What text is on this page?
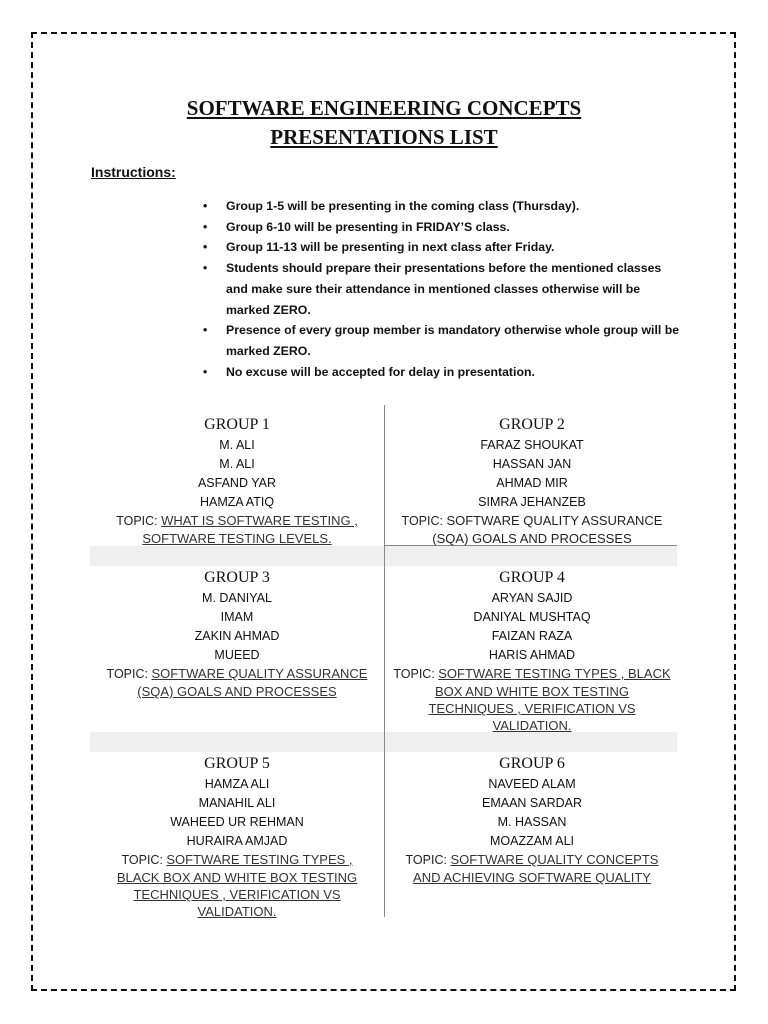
SOFTWARE ENGINEERING CONCEPTS
PRESENTATIONS LIST
Instructions:
• Group 1-5 will be presenting in the coming class (Thursday).
• Group 6-10 will be presenting in FRIDAY’S class.
• Group 11-13 will be presenting in next class after Friday.
• Students should prepare their presentations before the mentioned classes and make sure their attendance in mentioned classes otherwise will be marked ZERO.
• Presence of every group member is mandatory otherwise whole group will be marked ZERO.
• No excuse will be accepted for delay in presentation.
GROUP 1
M. ALI
M. ALI
ASFAND YAR
HAMZA ATIQ
TOPIC: WHAT IS SOFTWARE TESTING , SOFTWARE TESTING LEVELS.
GROUP 2
FARAZ SHOUKAT
HASSAN JAN
AHMAD MIR
SIMRA JEHANZEB
TOPIC: SOFTWARE QUALITY ASSURANCE (SQA) GOALS AND PROCESSES
GROUP 3
M. DANIYAL
IMAM
ZAKIN AHMAD
MUEED
TOPIC: SOFTWARE QUALITY ASSURANCE (SQA) GOALS AND PROCESSES
GROUP 4
ARYAN SAJID
DANIYAL MUSHTAQ
FAIZAN RAZA
HARIS AHMAD
TOPIC: SOFTWARE TESTING TYPES , BLACK BOX AND WHITE BOX TESTING TECHNIQUES , VERIFICATION VS VALIDATION.
GROUP 5
HAMZA ALI
MANAHIL ALI
WAHEED UR REHMAN
HURAIRA AMJAD
TOPIC: SOFTWARE TESTING TYPES , BLACK BOX AND WHITE BOX TESTING TECHNIQUES , VERIFICATION VS VALIDATION.
GROUP 6
NAVEED ALAM
EMAAN SARDAR
M. HASSAN
MOAZZAM ALI
TOPIC: SOFTWARE QUALITY CONCEPTS AND ACHIEVING SOFTWARE QUALITY
